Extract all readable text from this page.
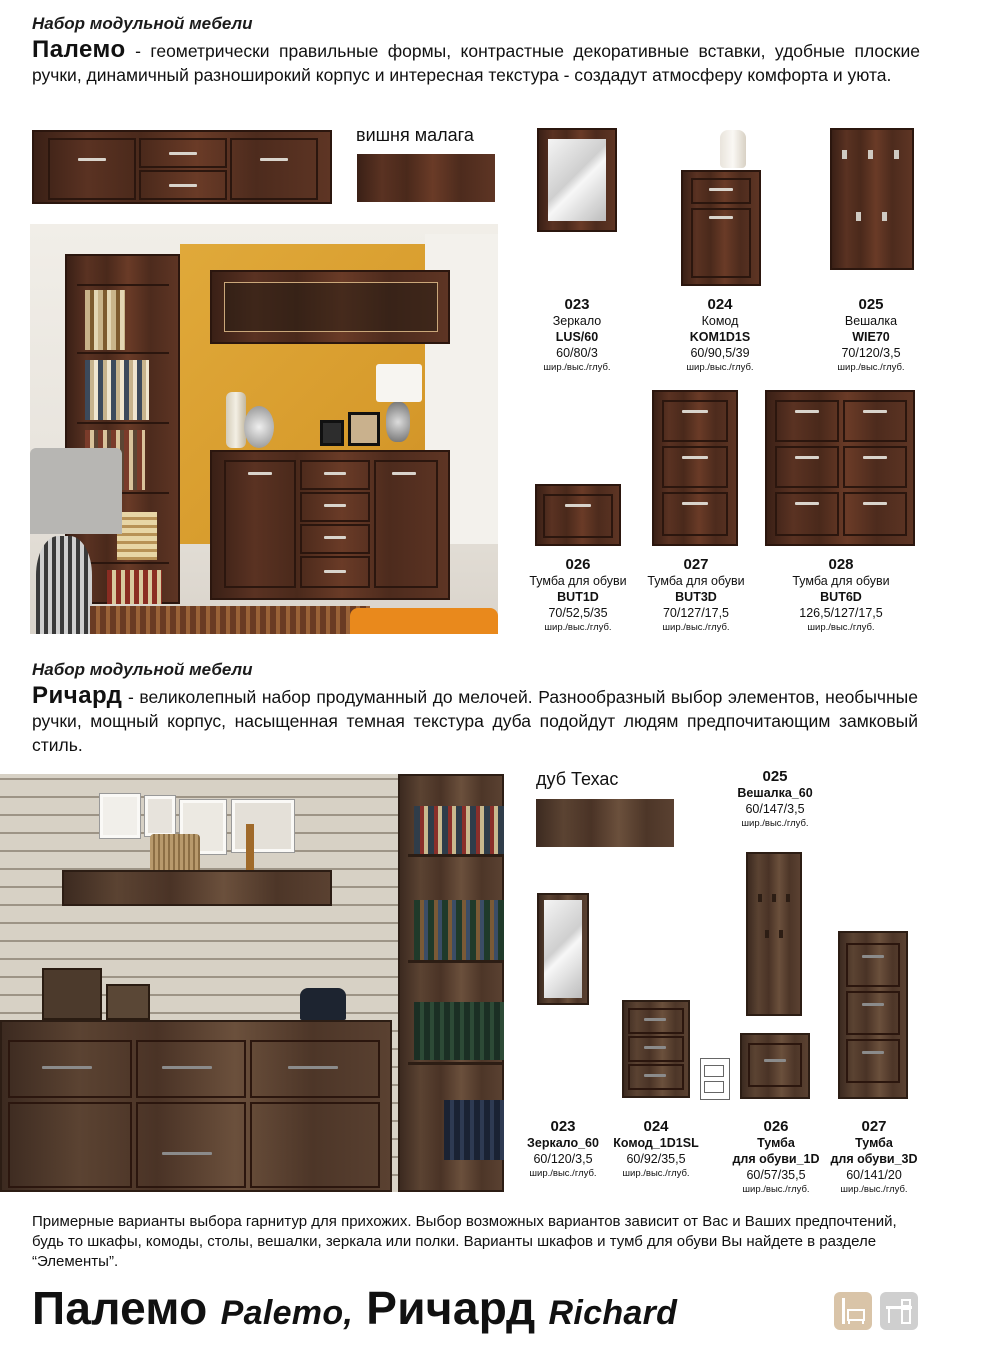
Набор модульной мебели
Палемо - геометрически правильные формы, контрастные декоративные вставки, удобные плоские ручки, динамичный разноширокий корпус и интересная текстура - создадут атмосферу комфорта и уюта.
вишня малага
023
Зеркало
LUS/60
60/80/3
шир./выс./глуб.
024
Комод
KOM1D1S
60/90,5/39
шир./выс./глуб.
025
Вешалка
WIE70
70/120/3,5
шир./выс./глуб.
026
Тумба для обуви
BUT1D
70/52,5/35
шир./выс./глуб.
027
Тумба для обуви
BUT3D
70/127/17,5
шир./выс./глуб.
028
Тумба для обуви
BUT6D
126,5/127/17,5
шир./выс./глуб.
Набор модульной мебели
Ричард - великолепный набор продуманный до мелочей. Разнообразный выбор элементов, необычные ручки, мощный корпус, насыщенная темная текстура дуба подойдут людям предпочитающим замковый стиль.
дуб Техас	025
Вешалка_60
60/147/3,5
шир./выс./глуб.
023
Зеркало_60
60/120/3,5
шир./выс./глуб.
024
Комод_1D1SL
60/92/35,5
шир./выс./глуб.
026
Тумба
для обуви_1D
60/57/35,5
шир./выс./глуб.
027
Тумба
для обуви_3D
60/141/20
шир./выс./глуб.
Примерные варианты выбора гарнитур для прихожих. Выбор возможных вариантов зависит от Вас и Ваших предпочтений, будь то шкафы, комоды, столы, вешалки, зеркала или полки. Варианты шкафов и тумб для обуви Вы найдете в разделе “Элементы”.
Палемо Palemo, Ричард Richard
